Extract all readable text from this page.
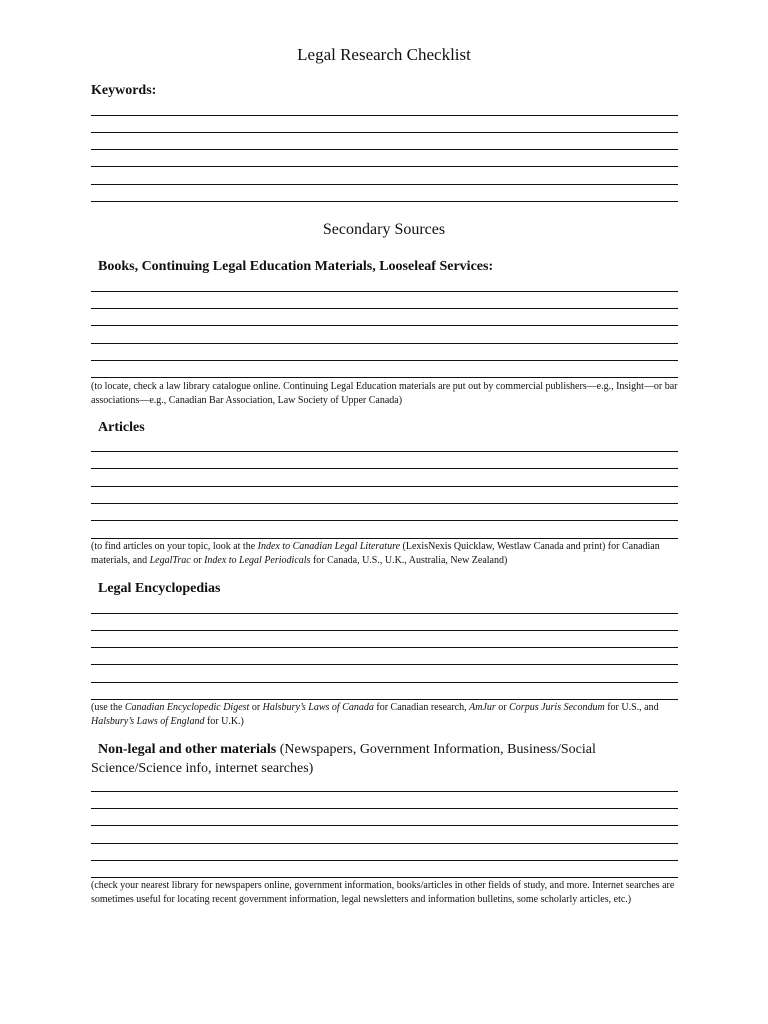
Legal Research Checklist
Keywords:
Secondary Sources
Books, Continuing Legal Education Materials, Looseleaf Services:
(to locate, check a law library catalogue online. Continuing Legal Education materials are put out by commercial publishers—e.g., Insight—or bar associations—e.g., Canadian Bar Association, Law Society of Upper Canada)
Articles
(to find articles on your topic, look at the Index to Canadian Legal Literature (LexisNexis Quicklaw, Westlaw Canada and print) for Canadian materials, and LegalTrac or Index to Legal Periodicals for Canada, U.S., U.K., Australia, New Zealand)
Legal Encyclopedias
(use the Canadian Encyclopedic Digest or Halsbury’s Laws of Canada for Canadian research, AmJur or Corpus Juris Secondum for U.S., and Halsbury’s Laws of England for U.K.)
Non-legal and other materials (Newspapers, Government Information, Business/Social Science/Science info, internet searches)
(check your nearest library for newspapers online, government information, books/articles in other fields of study, and more. Internet searches are sometimes useful for locating recent government information, legal newsletters and information bulletins, some scholarly articles, etc.)
